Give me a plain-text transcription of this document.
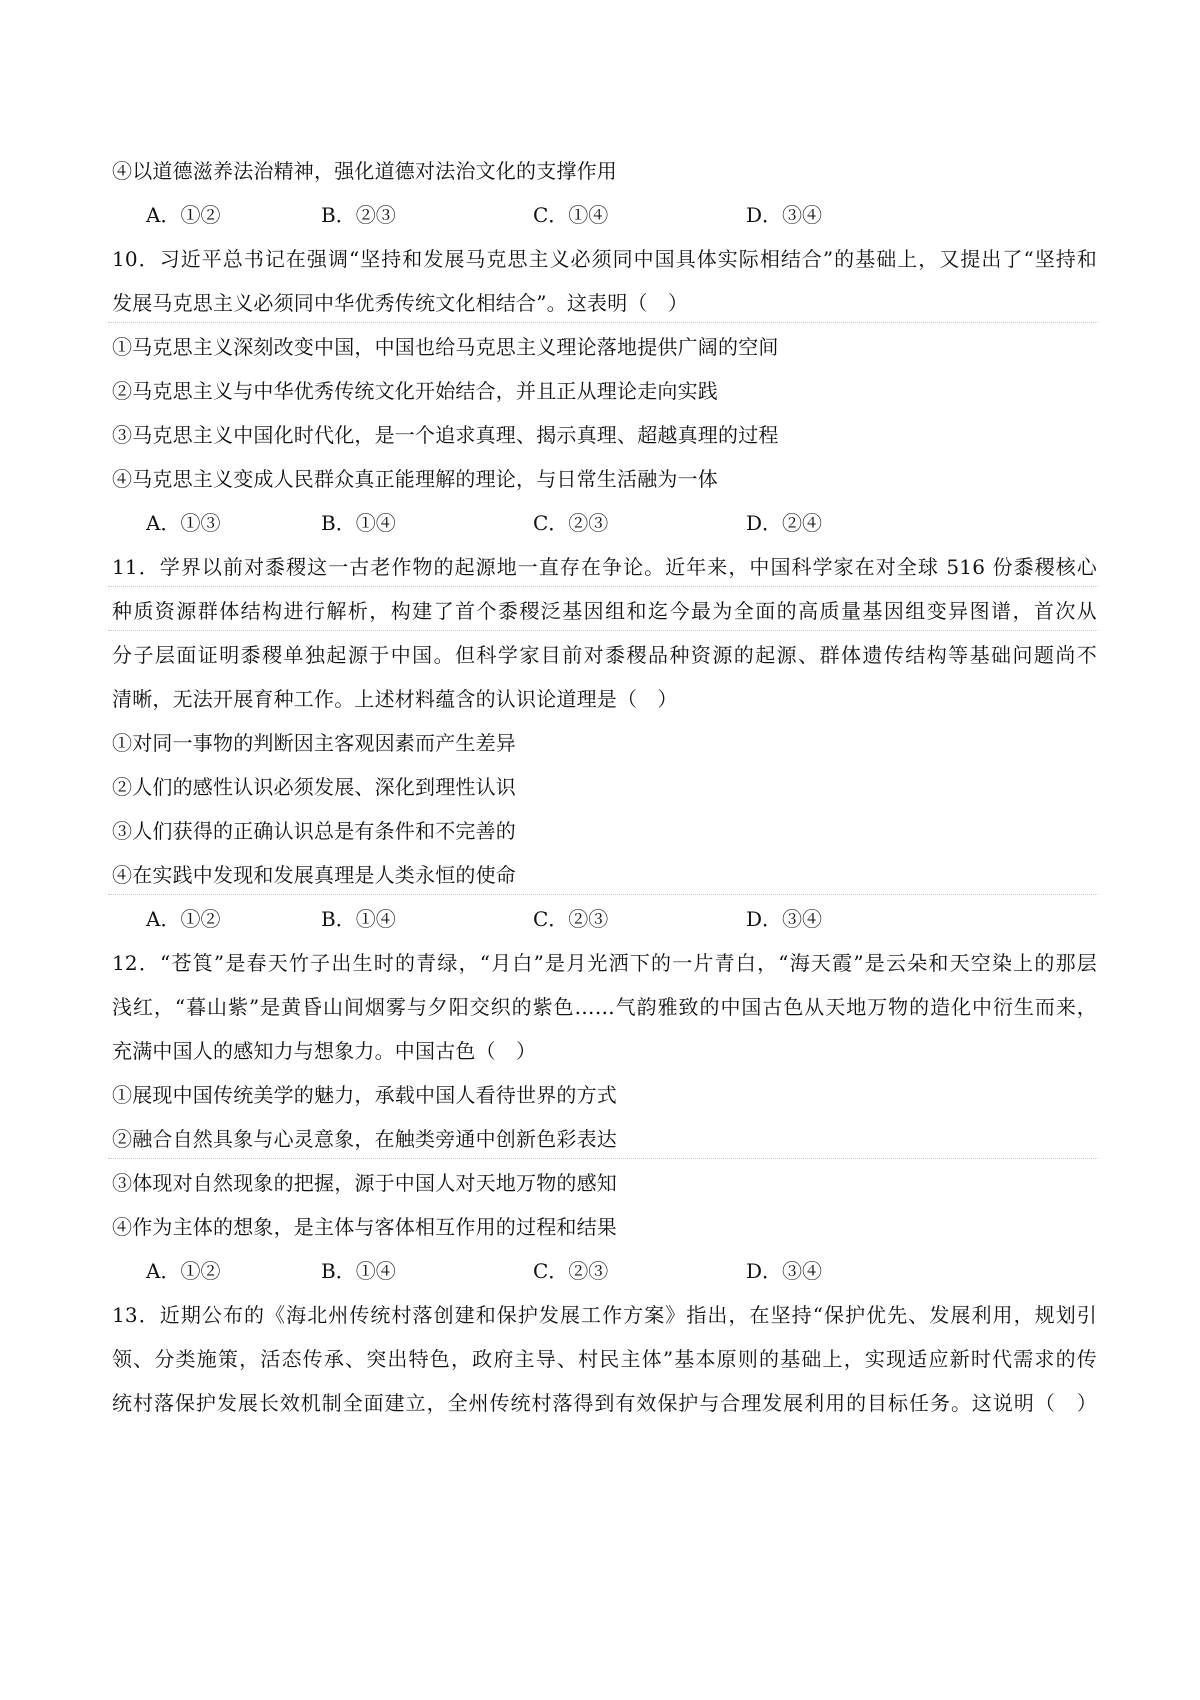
④以道德滋养法治精神，强化道德对法治文化的支撑作用
A．①②	B．②③	C．①④	D．③④
10．习近平总书记在强调“坚持和发展马克思主义必须同中国具体实际相结合”的基础上，又提出了“坚持和
发展马克思主义必须同中华优秀传统文化相结合”。这表明（　）
①马克思主义深刻改变中国，中国也给马克思主义理论落地提供广阔的空间
②马克思主义与中华优秀传统文化开始结合，并且正从理论走向实践
③马克思主义中国化时代化，是一个追求真理、揭示真理、超越真理的过程
④马克思主义变成人民群众真正能理解的理论，与日常生活融为一体
A．①③	B．①④	C．②③	D．②④
11．学界以前对黍稷这一古老作物的起源地一直存在争论。近年来，中国科学家在对全球 516 份黍稷核心
种质资源群体结构进行解析，构建了首个黍稷泛基因组和迄今最为全面的高质量基因组变异图谱，首次从
分子层面证明黍稷单独起源于中国。但科学家目前对黍稷品种资源的起源、群体遗传结构等基础问题尚不
清晰，无法开展育种工作。上述材料蕴含的认识论道理是（　）
①对同一事物的判断因主客观因素而产生差异
②人们的感性认识必须发展、深化到理性认识
③人们获得的正确认识总是有条件和不完善的
④在实践中发现和发展真理是人类永恒的使命
A．①②	B．①④	C．②③	D．③④
12．“苍筤”是春天竹子出生时的青绿，“月白”是月光洒下的一片青白，“海天霞”是云朵和天空染上的那层
浅红，“暮山紫”是黄昏山间烟雾与夕阳交织的紫色……气韵雅致的中国古色从天地万物的造化中衍生而来，
充满中国人的感知力与想象力。中国古色（　）
①展现中国传统美学的魅力，承载中国人看待世界的方式
②融合自然具象与心灵意象，在触类旁通中创新色彩表达
③体现对自然现象的把握，源于中国人对天地万物的感知
④作为主体的想象，是主体与客体相互作用的过程和结果
A．①②	B．①④	C．②③	D．③④
13．近期公布的《海北州传统村落创建和保护发展工作方案》指出，在坚持“保护优先、发展利用，规划引
领、分类施策，活态传承、突出特色，政府主导、村民主体”基本原则的基础上，实现适应新时代需求的传
统村落保护发展长效机制全面建立，全州传统村落得到有效保护与合理发展利用的目标任务。这说明（　）
